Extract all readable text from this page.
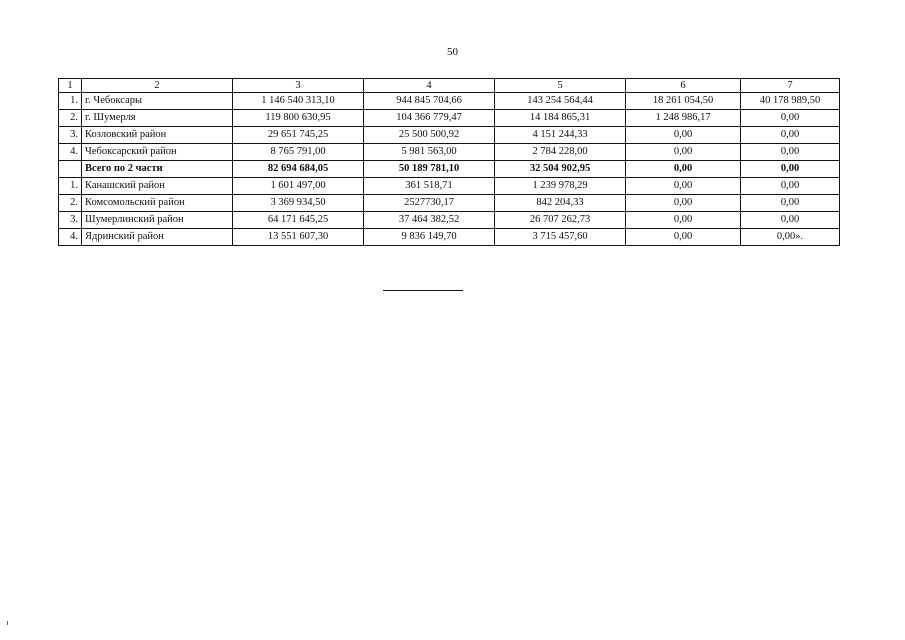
50
1	2	3	4	5	6	7
1.	г. Чебоксары	1 146 540 313,10	944 845 704,66	143 254 564,44	18 261 054,50	40 178 989,50
2.	г. Шумерля	119 800 630,95	104 366 779,47	14 184 865,31	1 248 986,17	0,00
3.	Козловский район	29 651 745,25	25 500 500,92	4 151 244,33	0,00	0,00
4.	Чебоксарский район	8 765 791,00	5 981 563,00	2 784 228,00	0,00	0,00
	Всего по 2 части	82 694 684,05	50 189 781,10	32 504 902,95	0,00	0,00
1.	Канашский район	1 601 497,00	361 518,71	1 239 978,29	0,00	0,00
2.	Комсомольский район	3 369 934,50	2527730,17	842 204,33	0,00	0,00
3.	Шумерлинский район	64 171 645,25	37 464 382,52	26 707 262,73	0,00	0,00
4.	Ядринский район	13 551 607,30	9 836 149,70	3 715 457,60	0,00	0,00».
